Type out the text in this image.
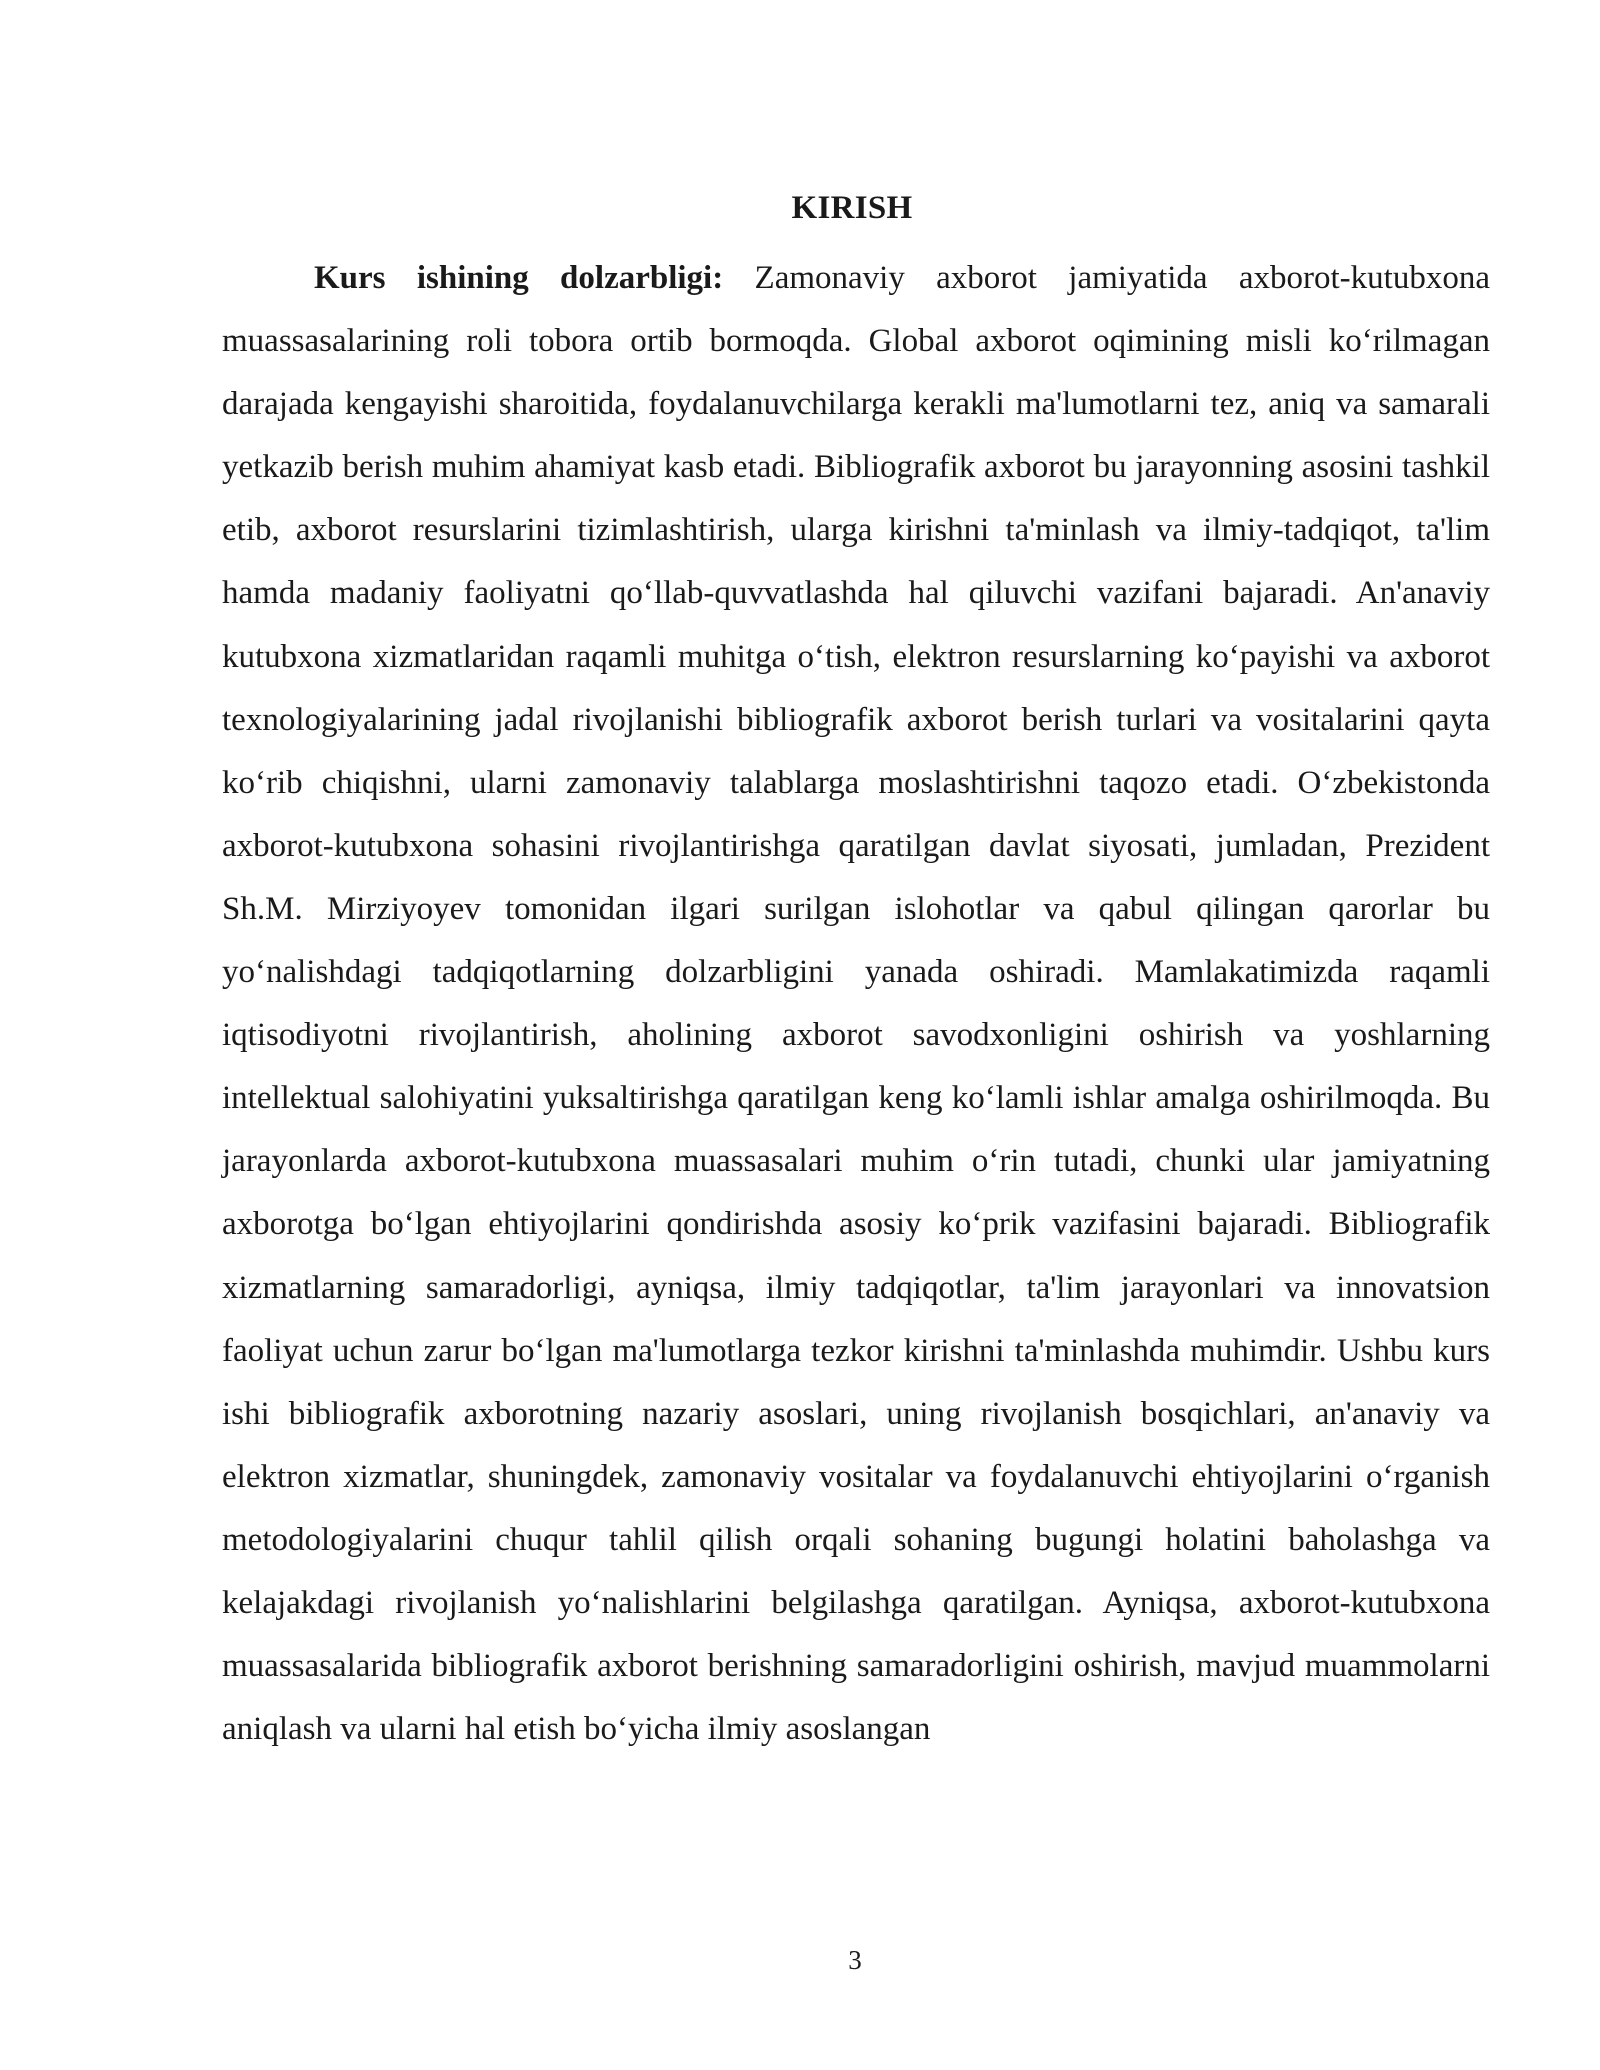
KIRISH

Kurs ishining dolzarbligi: Zamonaviy axborot jamiyatida axborot-kutubxona muassasalarining roli tobora ortib bormoqda. Global axborot oqimining misli ko‘rilmagan darajada kengayishi sharoitida, foydalanuvchilarga kerakli ma'lumotlarni tez, aniq va samarali yetkazib berish muhim ahamiyat kasb etadi. Bibliografik axborot bu jarayonning asosini tashkil etib, axborot resurslarini tizimlashtirish, ularga kirishni ta'minlash va ilmiy-tadqiqot, ta'lim hamda madaniy faoliyatni qo‘llab-quvvatlashda hal qiluvchi vazifani bajaradi. An'anaviy kutubxona xizmatlaridan raqamli muhitga o‘tish, elektron resurslarning ko‘payishi va axborot texnologiyalarining jadal rivojlanishi bibliografik axborot berish turlari va vositalarini qayta ko‘rib chiqishni, ularni zamonaviy talablarga moslashtirishni taqozo etadi. O‘zbekistonda axborot-kutubxona sohasini rivojlantirishga qaratilgan davlat siyosati, jumladan, Prezident Sh.M. Mirziyoyev tomonidan ilgari surilgan islohotlar va qabul qilingan qarorlar bu yo‘nalishdagi tadqiqotlarning dolzarbligini yanada oshiradi. Mamlakatimizda raqamli iqtisodiyotni rivojlantirish, aholining axborot savodxonligini oshirish va yoshlarning intellektual salohiyatini yuksaltirishga qaratilgan keng ko‘lamli ishlar amalga oshirilmoqda. Bu jarayonlarda axborot-kutubxona muassasalari muhim o‘rin tutadi, chunki ular jamiyatning axborotga bo‘lgan ehtiyojlarini qondirishda asosiy ko‘prik vazifasini bajaradi. Bibliografik xizmatlarning samaradorligi, ayniqsa, ilmiy tadqiqotlar, ta'lim jarayonlari va innovatsion faoliyat uchun zarur bo‘lgan ma'lumotlarga tezkor kirishni ta'minlashda muhimdir. Ushbu kurs ishi bibliografik axborotning nazariy asoslari, uning rivojlanish bosqichlari, an'anaviy va elektron xizmatlar, shuningdek, zamonaviy vositalar va foydalanuvchi ehtiyojlarini o‘rganish metodologiyalarini chuqur tahlil qilish orqali sohaning bugungi holatini baholashga va kelajakdagi rivojlanish yo‘nalishlarini belgilashga qaratilgan. Ayniqsa, axborot-kutubxona muassasalarida bibliografik axborot berishning samaradorligini oshirish, mavjud muammolarni aniqlash va ularni hal etish bo‘yicha ilmiy asoslangan

3
